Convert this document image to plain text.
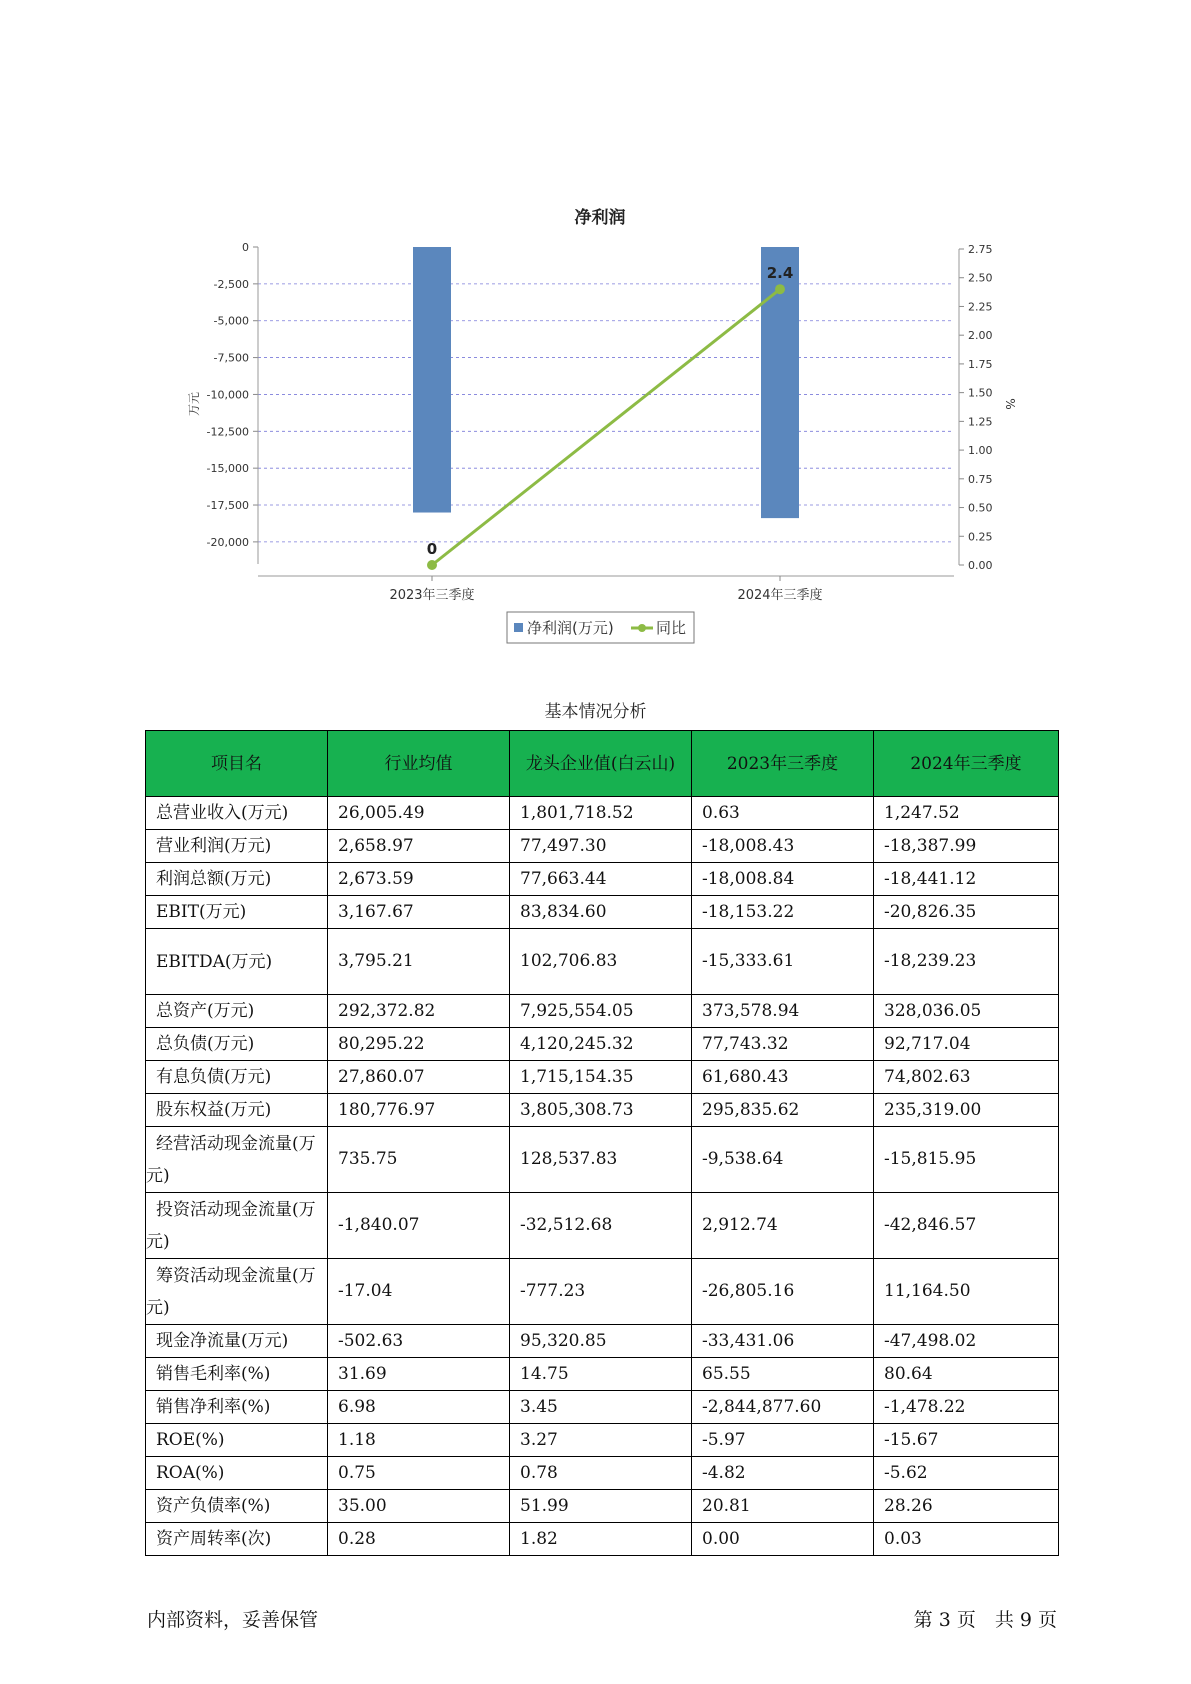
净利润
0
-2,500
-5,000
-7,500
-10,000
-12,500
-15,000
-17,500
-20,000
2.75
2.50
2.25
2.00
1.75
1.50
1.25
1.00
0.75
0.50
0.25
0.00
2023年三季度	2024年三季度
0
2.4
万元	%
净利润(万元)	同比
基本情况分析
项目名	行业均值	龙头企业值(白云山)	2023年三季度	2024年三季度
总营业收入(万元)	26,005.49	1,801,718.52	0.63	1,247.52
营业利润(万元)	2,658.97	77,497.30	-18,008.43	-18,387.99
利润总额(万元)	2,673.59	77,663.44	-18,008.84	-18,441.12
EBIT(万元)	3,167.67	83,834.60	-18,153.22	-20,826.35
EBITDA(万元)	3,795.21	102,706.83	-15,333.61	-18,239.23
总资产(万元)	292,372.82	7,925,554.05	373,578.94	328,036.05
总负债(万元)	80,295.22	4,120,245.32	77,743.32	92,717.04
有息负债(万元)	27,860.07	1,715,154.35	61,680.43	74,802.63
股东权益(万元)	180,776.97	3,805,308.73	295,835.62	235,319.00
经营活动现金流量(万元)	735.75	128,537.83	-9,538.64	-15,815.95
投资活动现金流量(万元)	-1,840.07	-32,512.68	2,912.74	-42,846.57
筹资活动现金流量(万元)	-17.04	-777.23	-26,805.16	11,164.50
现金净流量(万元)	-502.63	95,320.85	-33,431.06	-47,498.02
销售毛利率(%)	31.69	14.75	65.55	80.64
销售净利率(%)	6.98	3.45	-2,844,877.60	-1,478.22
ROE(%)	1.18	3.27	-5.97	-15.67
ROA(%)	0.75	0.78	-4.82	-5.62
资产负债率(%)	35.00	51.99	20.81	28.26
资产周转率(次)	0.28	1.82	0.00	0.03
内部资料，妥善保管	第 3 页　共 9 页
